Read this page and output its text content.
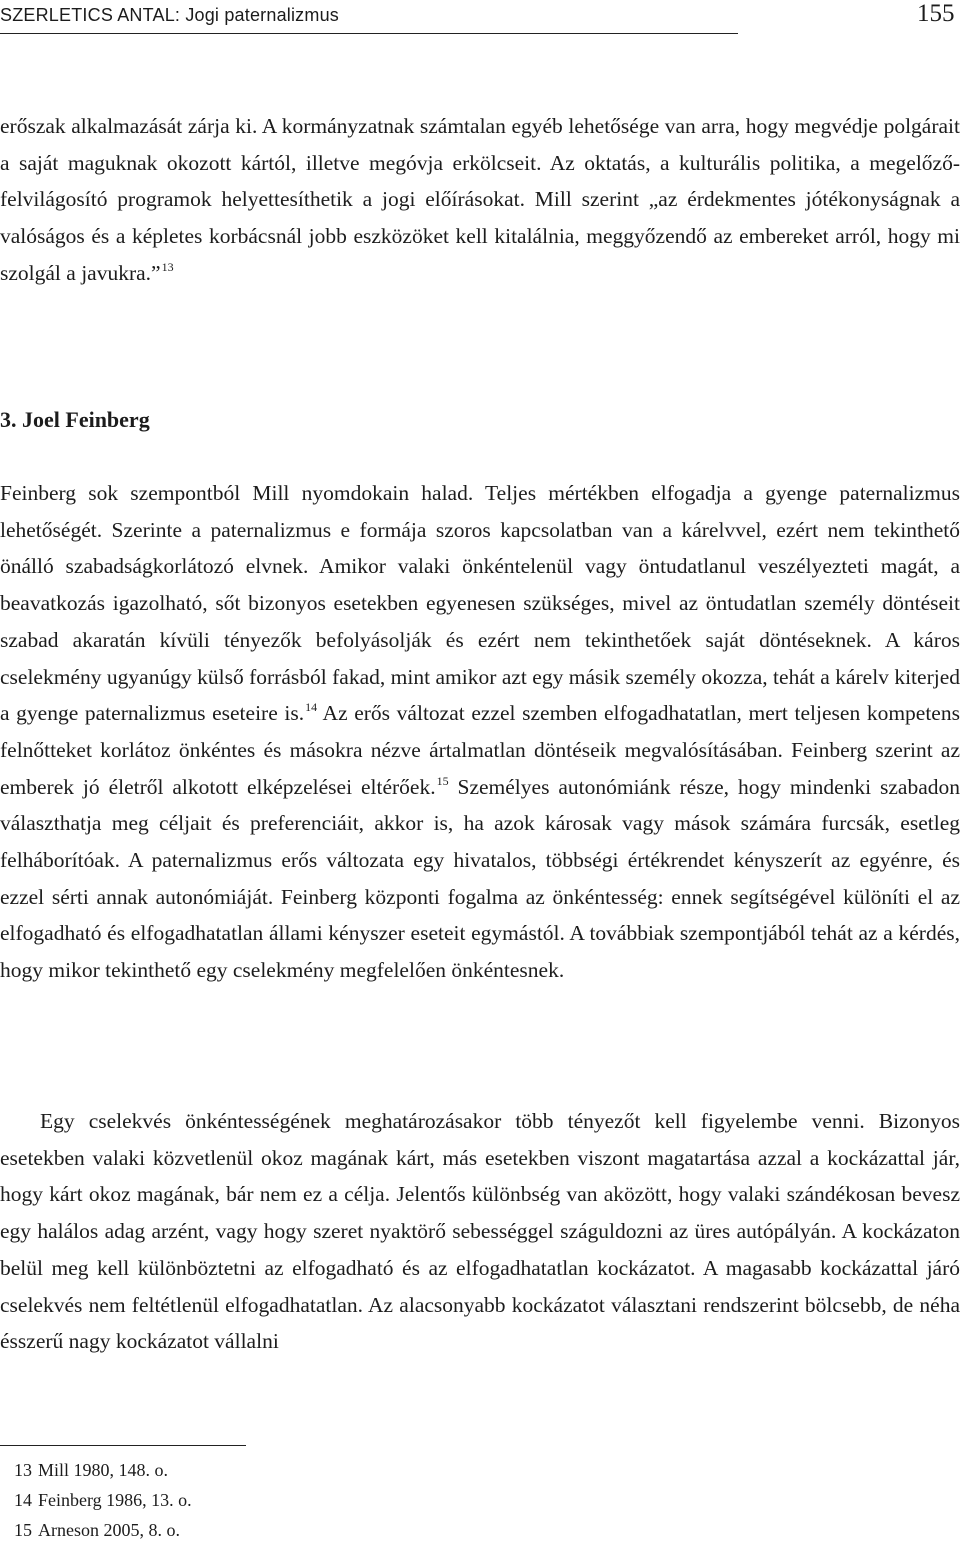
SZERLETICS ANTAL: Jogi paternalizmus	155

erőszak alkalmazását zárja ki. A kormányzatnak számtalan egyéb lehetősége van arra, hogy megvédje polgárait a saját maguknak okozott kártól, illetve megóvja erkölcseit. Az oktatás, a kulturális politika, a megelőző-felvilágosító programok helyettesíthetik a jogi előírásokat. Mill szerint „az érdekmentes jótékonyságnak a valóságos és a képletes korbácsnál jobb eszközöket kell kitalálnia, meggyőzendő az embereket arról, hogy mi szolgál a javukra.”$^{13}$

3. Joel Feinberg

Feinberg sok szempontból Mill nyomdokain halad. Teljes mértékben elfogadja a gyenge paternalizmus lehetőségét. Szerinte a paternalizmus e formája szoros kapcsolatban van a kárelvvel, ezért nem tekinthető önálló szabadságkorlátozó elvnek. Amikor valaki önkéntelenül vagy öntudatlanul veszélyezteti magát, a beavatkozás igazolható, sőt bizonyos esetekben egyenesen szükséges, mivel az öntudatlan személy döntéseit szabad akaratán kívüli tényezők befolyásolják és ezért nem tekinthetőek saját döntéseknek. A káros cselekmény ugyanúgy külső forrásból fakad, mint amikor azt egy másik személy okozza, tehát a kárelv kiterjed a gyenge paternalizmus eseteire is.$^{14}$ Az erős változat ezzel szemben elfogadhatatlan, mert teljesen kompetens felnőtteket korlátoz önkéntes és másokra nézve ártalmatlan döntéseik megvalósításában. Feinberg szerint az emberek jó életről alkotott elképzelései eltérőek.$^{15}$ Személyes autonómiánk része, hogy mindenki szabadon választhatja meg céljait és preferenciáit, akkor is, ha azok károsak vagy mások számára furcsák, esetleg felháborítóak. A paternalizmus erős változata egy hivatalos, többségi értékrendet kényszerít az egyénre, és ezzel sérti annak autonómiáját. Feinberg központi fogalma az önkéntesség: ennek segítségével különíti el az elfogadható és elfogadhatatlan állami kényszer eseteit egymástól. A továbbiak szempontjából tehát az a kérdés, hogy mikor tekinthető egy cselekmény megfelelően önkéntesnek.

Egy cselekvés önkéntességének meghatározásakor több tényezőt kell figyelembe venni. Bizonyos esetekben valaki közvetlenül okoz magának kárt, más esetekben viszont magatartása azzal a kockázattal jár, hogy kárt okoz magának, bár nem ez a célja. Jelentős különbség van aközött, hogy valaki szándékosan bevesz egy halálos adag arzént, vagy hogy szeret nyaktörő sebességgel száguldozni az üres autópályán. A kockázaton belül meg kell különböztetni az elfogadható és az elfogadhatatlan kockázatot. A magasabb kockázattal járó cselekvés nem feltétlenül elfogadhatatlan. Az alacsonyabb kockázatot választani rendszerint bölcsebb, de néha ésszerű nagy kockázatot vállalni

13 Mill 1980, 148. o.
14 Feinberg 1986, 13. o.
15 Arneson 2005, 8. o.
